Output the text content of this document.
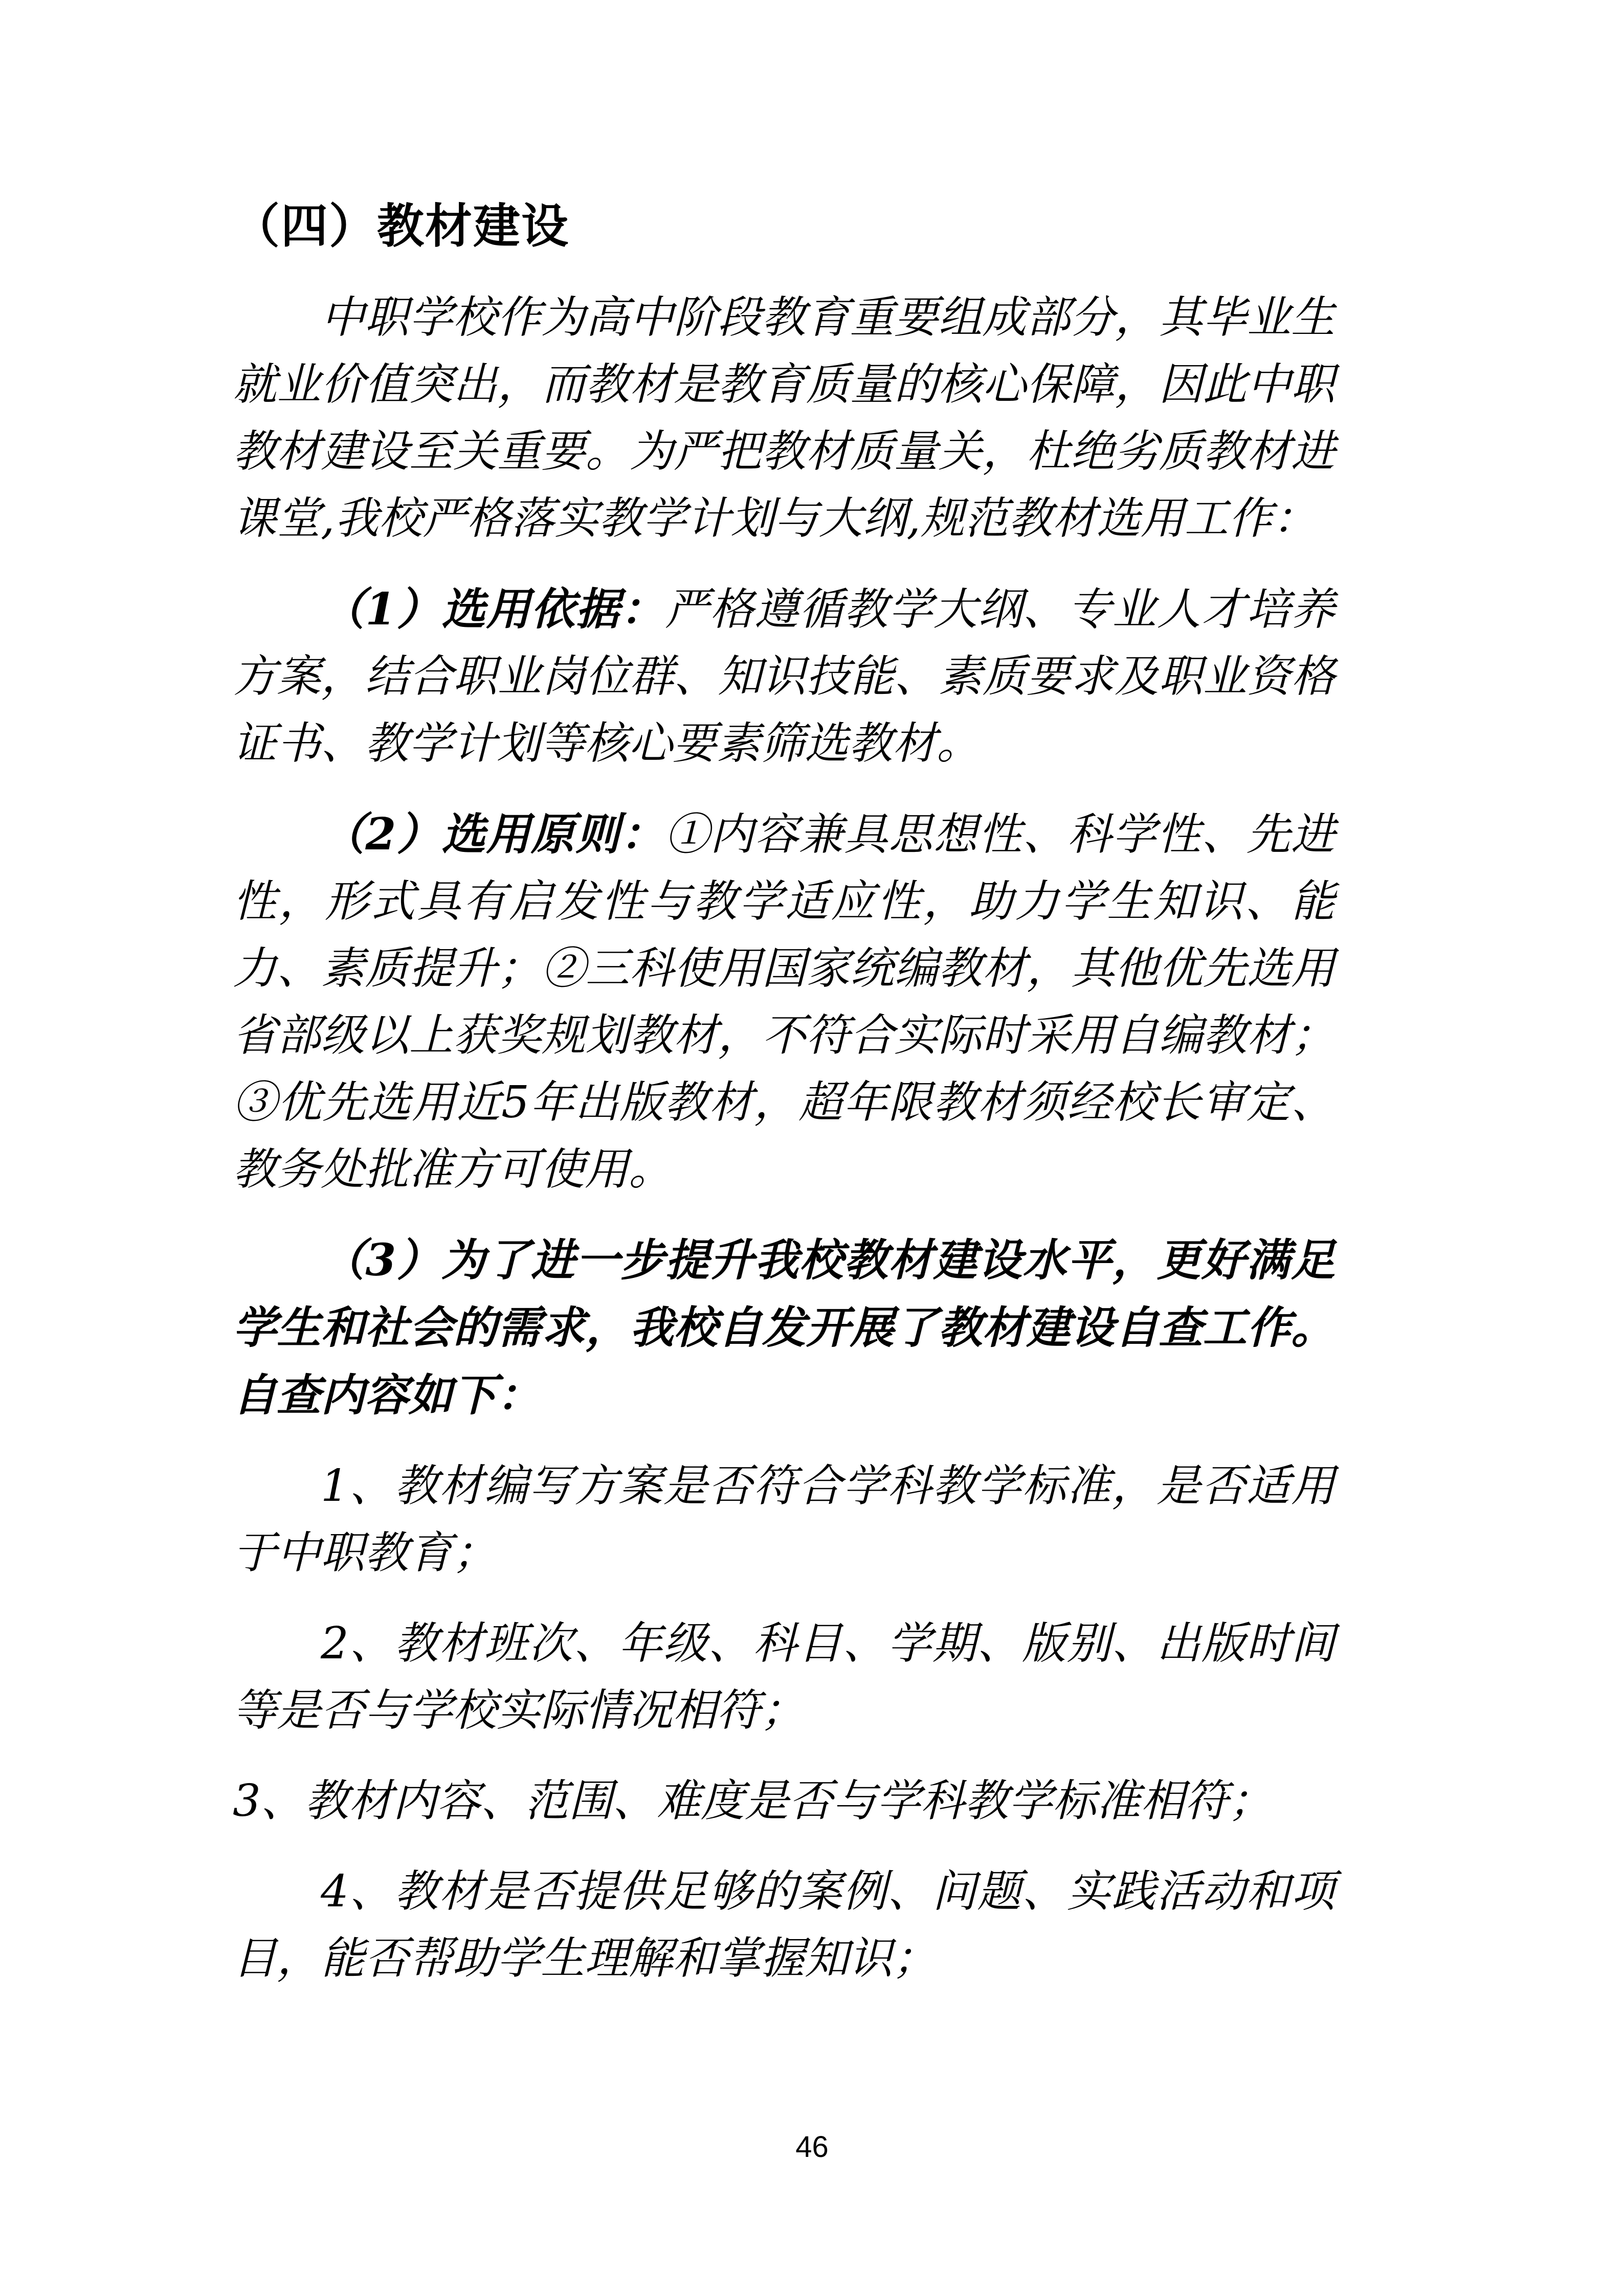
（四）教材建设

中职学校作为高中阶段教育重要组成部分，其毕业生就业价值突出，而教材是教育质量的核心保障，因此中职教材建设至关重要。为严把教材质量关，杜绝劣质教材进课堂,我校严格落实教学计划与大纲,规范教材选用工作：

（1）选用依据：严格遵循教学大纲、专业人才培养方案，结合职业岗位群、知识技能、素质要求及职业资格证书、教学计划等核心要素筛选教材。

（2）选用原则：①内容兼具思想性、科学性、先进性，形式具有启发性与教学适应性，助力学生知识、能力、素质提升；②三科使用国家统编教材，其他优先选用省部级以上获奖规划教材，不符合实际时采用自编教材；③优先选用近5年出版教材，超年限教材须经校长审定、教务处批准方可使用。

（3）为了进一步提升我校教材建设水平，更好满足学生和社会的需求，我校自发开展了教材建设自查工作。自查内容如下：

1、教材编写方案是否符合学科教学标准，是否适用于中职教育；

2、教材班次、年级、科目、学期、版别、出版时间等是否与学校实际情况相符；

3、教材内容、范围、难度是否与学科教学标准相符；

4、教材是否提供足够的案例、问题、实践活动和项目，能否帮助学生理解和掌握知识；

46
